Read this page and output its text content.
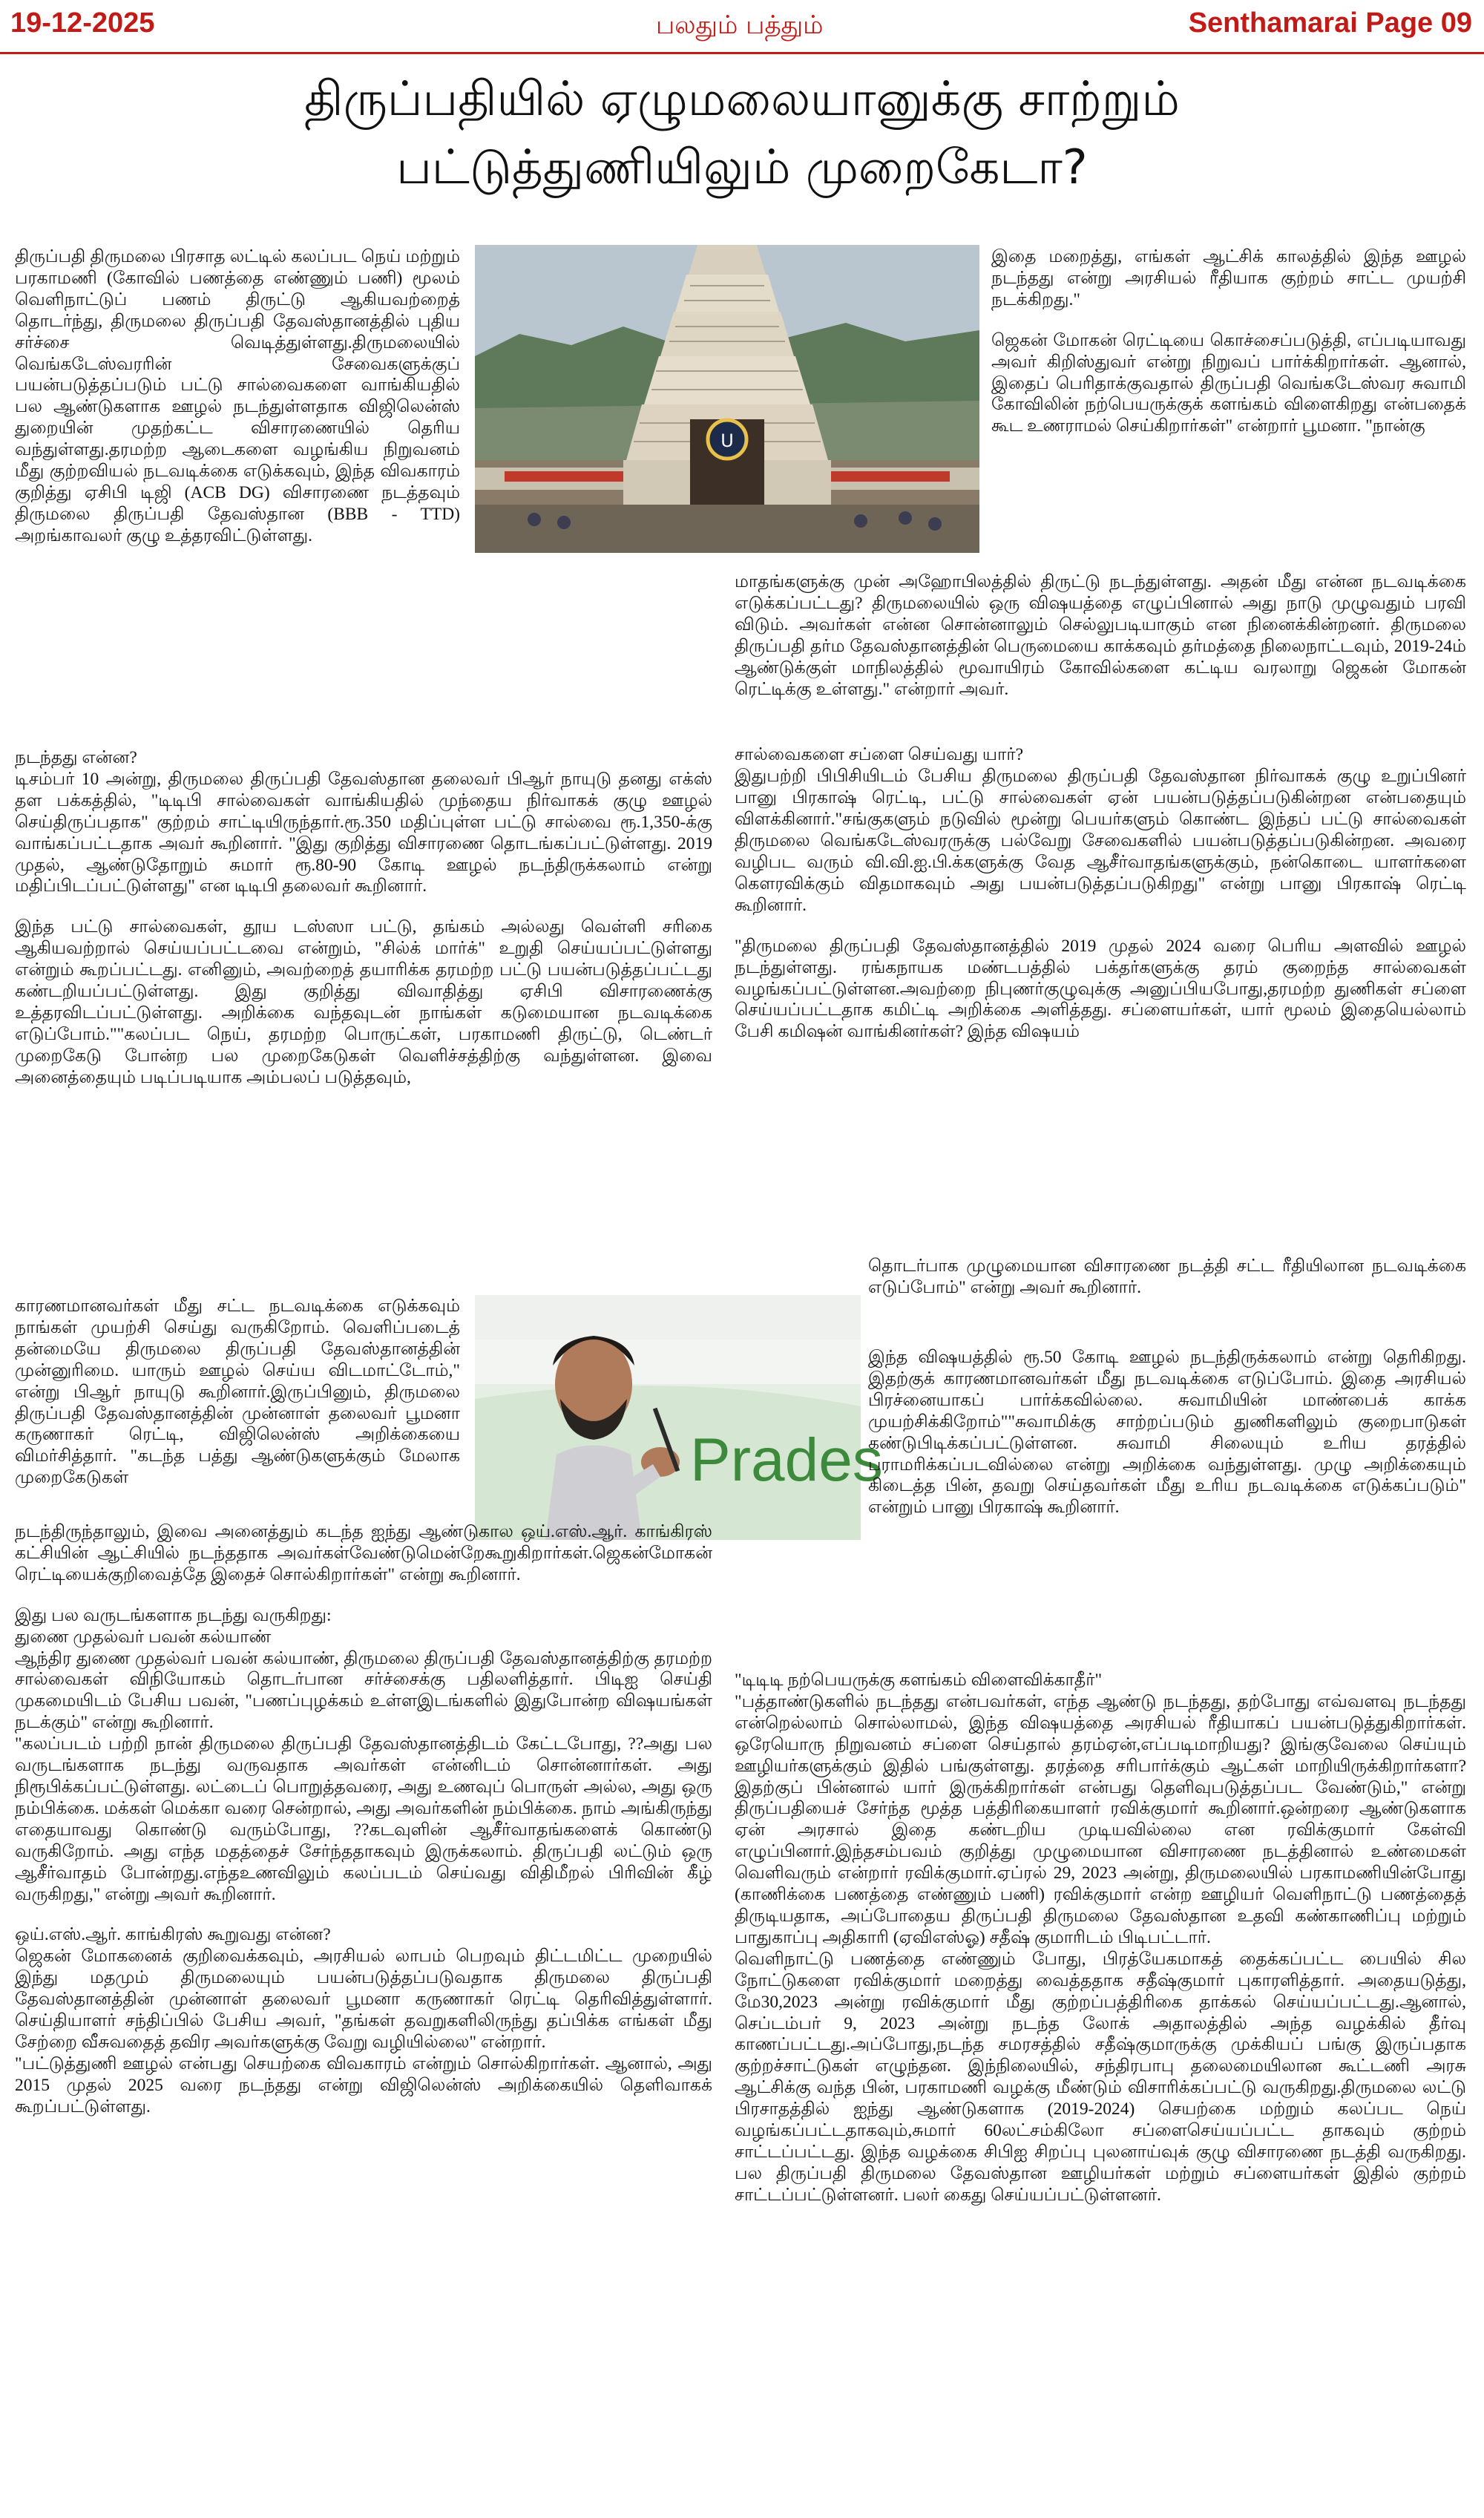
19-12-2025	பலதும் பத்தும்	Senthamarai Page 09
திருப்பதியில் ஏழுமலையானுக்கு சாற்றும்
பட்டுத்துணியிலும் முறைகேடா?
U
Prades
திருப்பதி திருமலை பிரசாத லட்டில் கலப்பட நெய் மற்றும் பரகாமணி (கோவில் பணத்தை எண்ணும் பணி) மூலம் வெளிநாட்டுப் பணம் திருட்டு ஆகியவற்றைத் தொடர்ந்து, திருமலை திருப்பதி தேவஸ்தானத்தில் புதிய சர்ச்சை வெடித்துள்ளது.திருமலையில் வெங்கடேஸ்வரரின் சேவைகளுக்குப் பயன்படுத்தப்படும் பட்டு சால்வைகளை வாங்கியதில் பல ஆண்டுகளாக ஊழல் நடந்துள்ளதாக விஜிலென்ஸ் துறையின் முதற்கட்ட விசாரணையில் தெரிய வந்துள்ளது.தரமற்ற ஆடைகளை வழங்கிய நிறுவனம் மீது குற்றவியல் நடவடிக்கை எடுக்கவும், இந்த விவகாரம் குறித்து ஏசிபி டிஜி (ACB DG) விசாரணை நடத்தவும் திருமலை திருப்பதி தேவஸ்தான (BBB - TTD) அறங்காவலர் குழு உத்தரவிட்டுள்ளது.

நடந்தது என்ன?
டிசம்பர் 10 அன்று, திருமலை திருப்பதி தேவஸ்தான தலைவர் பிஆர் நாயுடு தனது எக்ஸ் தள பக்கத்தில், "டிடிபி சால்வைகள் வாங்கியதில் முந்தைய நிர்வாகக் குழு ஊழல் செய்திருப்பதாக" குற்றம் சாட்டியிருந்தார்.ரூ.350 மதிப்புள்ள பட்டு சால்வை ரூ.1,350-க்கு வாங்கப்பட்டதாக அவர் கூறினார். "இது குறித்து விசாரணை தொடங்கப்பட்டுள்ளது. 2019 முதல், ஆண்டுதோறும் சுமார் ரூ.80-90 கோடி ஊழல் நடந்திருக்கலாம் என்று மதிப்பிடப்பட்டுள்ளது" என டிடிபி தலைவர் கூறினார்.

இந்த பட்டு சால்வைகள், தூய டஸ்ஸா பட்டு, தங்கம் அல்லது வெள்ளி சரிகை ஆகியவற்றால் செய்யப்பட்டவை என்றும், "சில்க் மார்க்" உறுதி செய்யப்பட்டுள்ளது என்றும் கூறப்பட்டது. எனினும், அவற்றைத் தயாரிக்க தரமற்ற பட்டு பயன்படுத்தப்பட்டது கண்டறியப்பட்டுள்ளது. இது குறித்து விவாதித்து ஏசிபி விசாரணைக்கு உத்தரவிடப்பட்டுள்ளது. அறிக்கை வந்தவுடன் நாங்கள் கடுமையான நடவடிக்கை எடுப்போம்.""கலப்பட நெய், தரமற்ற பொருட்கள், பரகாமணி திருட்டு, டெண்டர் முறைகேடு போன்ற பல முறைகேடுகள் வெளிச்சத்திற்கு வந்துள்ளன. இவை அனைத்தையும் படிப்படியாக அம்பலப் படுத்தவும்,

காரணமானவர்கள் மீது சட்ட நடவடிக்கை எடுக்கவும் நாங்கள் முயற்சி செய்து வருகிறோம். வெளிப்படைத் தன்மையே திருமலை திருப்பதி தேவஸ்தானத்தின் முன்னுரிமை. யாரும் ஊழல் செய்ய விடமாட்டோம்," என்று பிஆர் நாயுடு கூறினார்.இருப்பினும், திருமலை திருப்பதி தேவஸ்தானத்தின் முன்னாள் தலைவர் பூமனா கருணாகர் ரெட்டி, விஜிலென்ஸ் அறிக்கையை விமர்சித்தார். "கடந்த பத்து ஆண்டுகளுக்கும் மேலாக முறைகேடுகள்

நடந்திருந்தாலும், இவை அனைத்தும் கடந்த ஐந்து ஆண்டுகால ஒய்.எஸ்.ஆர். காங்கிரஸ் கட்சியின் ஆட்சியில் நடந்ததாக அவர்கள்வேண்டுமென்றேகூறுகிறார்கள்.ஜெகன்மோகன் ரெட்டியைக்குறிவைத்தே இதைச் சொல்கிறார்கள்" என்று கூறினார்.

இது பல வருடங்களாக நடந்து வருகிறது:
துணை முதல்வர் பவன் கல்யாண்
ஆந்திர துணை முதல்வர் பவன் கல்யாண், திருமலை திருப்பதி தேவஸ்தானத்திற்கு தரமற்ற சால்வைகள் விநியோகம் தொடர்பான சர்ச்சைக்கு பதிலளித்தார். பிடிஐ செய்தி முகமையிடம் பேசிய பவன், "பணப்புழக்கம் உள்ளஇடங்களில் இதுபோன்ற விஷயங்கள் நடக்கும்" என்று கூறினார்.
"கலப்படம் பற்றி நான் திருமலை திருப்பதி தேவஸ்தானத்திடம் கேட்டபோது, ??அது பல வருடங்களாக நடந்து வருவதாக அவர்கள் என்னிடம் சொன்னார்கள். அது நிரூபிக்கப்பட்டுள்ளது. லட்டைப் பொறுத்தவரை, அது உணவுப் பொருள் அல்ல, அது ஒரு நம்பிக்கை. மக்கள் மெக்கா வரை சென்றால், அது அவர்களின் நம்பிக்கை. நாம் அங்கிருந்து எதையாவது கொண்டு வரும்போது, ??கடவுளின் ஆசீர்வாதங்களைக் கொண்டு வருகிறோம். அது எந்த மதத்தைச் சேர்ந்ததாகவும் இருக்கலாம். திருப்பதி லட்டும் ஒரு ஆசீர்வாதம் போன்றது.எந்தஉணவிலும் கலப்படம் செய்வது விதிமீறல் பிரிவின் கீழ் வருகிறது," என்று அவர் கூறினார்.

ஒய்.எஸ்.ஆர். காங்கிரஸ் கூறுவது என்ன?
ஜெகன் மோகனைக் குறிவைக்கவும், அரசியல் லாபம் பெறவும் திட்டமிட்ட முறையில் இந்து மதமும் திருமலையும் பயன்படுத்தப்படுவதாக திருமலை திருப்பதி தேவஸ்தானத்தின் முன்னாள் தலைவர் பூமனா கருணாகர் ரெட்டி தெரிவித்துள்ளார். செய்தியாளர் சந்திப்பில் பேசிய அவர், "தங்கள் தவறுகளிலிருந்து தப்பிக்க எங்கள் மீது சேற்றை வீசுவதைத் தவிர அவர்களுக்கு வேறு வழியில்லை" என்றார்.
"பட்டுத்துணி ஊழல் என்பது செயற்கை விவகாரம் என்றும் சொல்கிறார்கள். ஆனால், அது 2015 முதல் 2025 வரை நடந்தது என்று விஜிலென்ஸ் அறிக்கையில் தெளிவாகக் கூறப்பட்டுள்ளது.

இதை மறைத்து, எங்கள் ஆட்சிக் காலத்தில் இந்த ஊழல் நடந்தது என்று அரசியல் ரீதியாக குற்றம் சாட்ட முயற்சி நடக்கிறது."

ஜெகன் மோகன் ரெட்டியை கொச்சைப்படுத்தி, எப்படியாவது அவர் கிறிஸ்துவர் என்று நிறுவப் பார்க்கிறார்கள். ஆனால், இதைப் பெரிதாக்குவதால் திருப்பதி வெங்கடேஸ்வர சுவாமி கோவிலின் நற்பெயருக்குக் களங்கம் விளைகிறது என்பதைக் கூட உணராமல் செய்கிறார்கள்" என்றார் பூமனா. "நான்கு

மாதங்களுக்கு முன் அஹோபிலத்தில் திருட்டு நடந்துள்ளது. அதன் மீது என்ன நடவடிக்கை எடுக்கப்பட்டது? திருமலையில் ஒரு விஷயத்தை எழுப்பினால் அது நாடு முழுவதும் பரவி விடும். அவர்கள் என்ன சொன்னாலும் செல்லுபடியாகும் என நினைக்கின்றனர். திருமலை திருப்பதி தர்ம தேவஸ்தானத்தின் பெருமையை காக்கவும் தர்மத்தை நிலைநாட்டவும், 2019-24ம் ஆண்டுக்குள் மாநிலத்தில் மூவாயிரம் கோவில்களை கட்டிய வரலாறு ஜெகன் மோகன் ரெட்டிக்கு உள்ளது." என்றார் அவர்.

சால்வைகளை சப்ளை செய்வது யார்?
இதுபற்றி பிபிசியிடம் பேசிய திருமலை திருப்பதி தேவஸ்தான நிர்வாகக் குழு உறுப்பினர் பானு பிரகாஷ் ரெட்டி, பட்டு சால்வைகள் ஏன் பயன்படுத்தப்படுகின்றன என்பதையும் விளக்கினார்."சங்குகளும் நடுவில் மூன்று பெயர்களும் கொண்ட இந்தப் பட்டு சால்வைகள் திருமலை வெங்கடேஸ்வரருக்கு பல்வேறு சேவைகளில் பயன்படுத்தப்படுகின்றன. அவரை வழிபட வரும் வி.வி.ஐ.பி.க்களுக்கு வேத ஆசீர்வாதங்களுக்கும், நன்கொடை யாளர்களை கௌரவிக்கும் விதமாகவும் அது பயன்படுத்தப்படுகிறது" என்று பானு பிரகாஷ் ரெட்டி கூறினார்.

"திருமலை திருப்பதி தேவஸ்தானத்தில் 2019 முதல் 2024 வரை பெரிய அளவில் ஊழல் நடந்துள்ளது. ரங்கநாயக மண்டபத்தில் பக்தர்களுக்கு தரம் குறைந்த சால்வைகள் வழங்கப்பட்டுள்ளன.அவற்றை நிபுணர்குழுவுக்கு அனுப்பியபோது,தரமற்ற துணிகள் சப்ளை செய்யப்பட்டதாக கமிட்டி அறிக்கை அளித்தது. சப்ளையர்கள், யார் மூலம் இதையெல்லாம் பேசி கமிஷன் வாங்கினர்கள்? இந்த விஷயம்

தொடர்பாக முழுமையான விசாரணை நடத்தி சட்ட ரீதியிலான நடவடிக்கை எடுப்போம்" என்று அவர் கூறினார்.
இந்த விஷயத்தில் ரூ.50 கோடி ஊழல் நடந்திருக்கலாம் என்று தெரிகிறது. இதற்குக் காரணமானவர்கள் மீது நடவடிக்கை எடுப்போம். இதை அரசியல் பிரச்னையாகப் பார்க்கவில்லை. சுவாமியின் மாண்பைக் காக்க முயற்சிக்கிறோம்""சுவாமிக்கு சாற்றப்படும் துணிகளிலும் குறைபாடுகள் கண்டுபிடிக்கப்பட்டுள்ளன. சுவாமி சிலையும் உரிய தரத்தில் பராமரிக்கப்படவில்லை என்று அறிக்கை வந்துள்ளது. முழு அறிக்கையும் கிடைத்த பின், தவறு செய்தவர்கள் மீது உரிய நடவடிக்கை எடுக்கப்படும்" என்றும் பானு பிரகாஷ் கூறினார்.

"டிடிடி நற்பெயருக்கு களங்கம் விளைவிக்காதீர்"
"பத்தாண்டுகளில் நடந்தது என்பவர்கள், எந்த ஆண்டு நடந்தது, தற்போது எவ்வளவு நடந்தது என்றெல்லாம் சொல்லாமல், இந்த விஷயத்தை அரசியல் ரீதியாகப் பயன்படுத்துகிறார்கள். ஒரேயொரு நிறுவனம் சப்ளை செய்தால் தரம்ஏன்,எப்படிமாறியது? இங்குவேலை செய்யும் ஊழியர்களுக்கும் இதில் பங்குள்ளது. தரத்தை சரிபார்க்கும் ஆட்கள் மாறியிருக்கிறார்களா? இதற்குப் பின்னால் யார் இருக்கிறார்கள் என்பது தெளிவுபடுத்தப்பட வேண்டும்," என்று திருப்பதியைச் சேர்ந்த மூத்த பத்திரிகையாளர் ரவிக்குமார் கூறினார்.ஒன்றரை ஆண்டுகளாக ஏன் அரசால் இதை கண்டறிய முடியவில்லை என ரவிக்குமார் கேள்வி எழுப்பினார்.இந்தசம்பவம் குறித்து முழுமையான விசாரணை நடத்தினால் உண்மைகள் வெளிவரும் என்றார் ரவிக்குமார்.ஏப்ரல் 29, 2023 அன்று, திருமலையில் பரகாமணியின்போது (காணிக்கை பணத்தை எண்ணும் பணி) ரவிக்குமார் என்ற ஊழியர் வெளிநாட்டு பணத்தைத் திருடியதாக, அப்போதைய திருப்பதி திருமலை தேவஸ்தான உதவி கண்காணிப்பு மற்றும் பாதுகாப்பு அதிகாரி (ஏவிஎஸ்ஓ) சதீஷ் குமாரிடம் பிடிபட்டார்.
வெளிநாட்டு பணத்தை எண்ணும் போது, பிரத்யேகமாகத் தைக்கப்பட்ட பையில் சில நோட்டுகளை ரவிக்குமார் மறைத்து வைத்ததாக சதீஷ்குமார் புகாரளித்தார். அதையடுத்து, மே30,2023 அன்று ரவிக்குமார் மீது குற்றப்பத்திரிகை தாக்கல் செய்யப்பட்டது.ஆனால், செப்டம்பர் 9, 2023 அன்று நடந்த லோக் அதாலத்தில் அந்த வழக்கில் தீர்வு காணப்பட்டது.அப்போது,நடந்த சமரசத்தில் சதீஷ்குமாருக்கு முக்கியப் பங்கு இருப்பதாக குற்றச்சாட்டுகள் எழுந்தன. இந்நிலையில், சந்திரபாபு தலைமையிலான கூட்டணி அரசு ஆட்சிக்கு வந்த பின், பரகாமணி வழக்கு மீண்டும் விசாரிக்கப்பட்டு வருகிறது.திருமலை லட்டு பிரசாதத்தில் ஐந்து ஆண்டுகளாக (2019-2024) செயற்கை மற்றும் கலப்பட நெய் வழங்கப்பட்டதாகவும்,சுமார் 60லட்சம்கிலோ சப்ளைசெய்யப்பட்ட தாகவும் குற்றம் சாட்டப்பட்டது. இந்த வழக்கை சிபிஐ சிறப்பு புலனாய்வுக் குழு விசாரணை நடத்தி வருகிறது. பல திருப்பதி திருமலை தேவஸ்தான ஊழியர்கள் மற்றும் சப்ளையர்கள் இதில் குற்றம் சாட்டப்பட்டுள்ளனர். பலர் கைது செய்யப்பட்டுள்ளனர்.
